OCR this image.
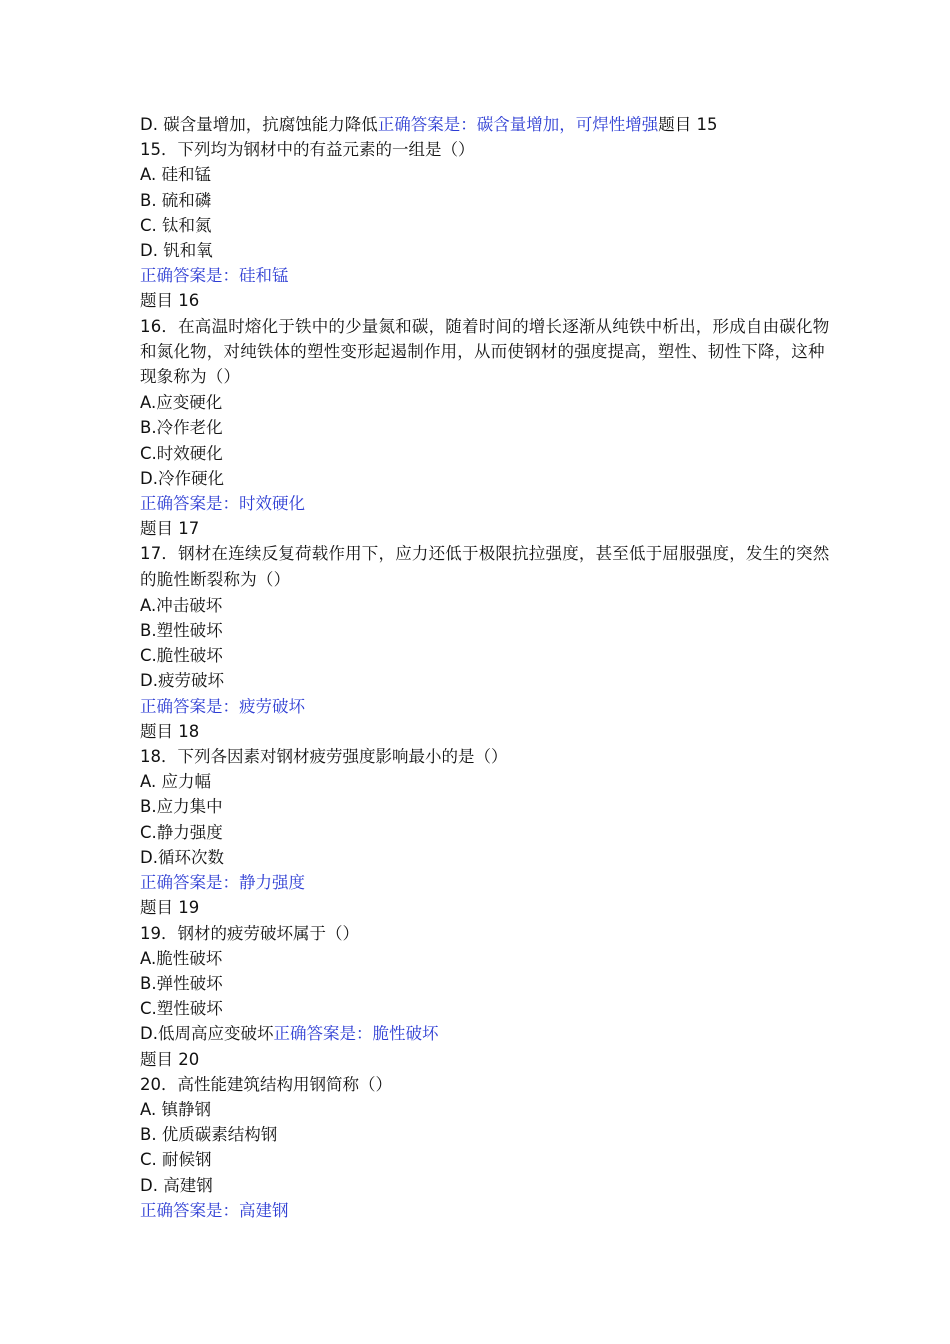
D. 碳含量增加，抗腐蚀能力降低正确答案是：碳含量增加，可焊性增强题目 15
15．下列均为钢材中的有益元素的一组是（）
A. 硅和锰
B. 硫和磷
C. 钛和氮
D. 钒和氧
正确答案是：硅和锰
题目 16
16．在高温时熔化于铁中的少量氮和碳，随着时间的增长逐渐从纯铁中析出，形成自由碳化物和氮化物，对纯铁体的塑性变形起遏制作用，从而使钢材的强度提高，塑性、韧性下降，这种现象称为（）
A.应变硬化
B.冷作老化
C.时效硬化
D.冷作硬化
正确答案是：时效硬化
题目 17
17．钢材在连续反复荷载作用下，应力还低于极限抗拉强度，甚至低于屈服强度，发生的突然的脆性断裂称为（）
A.冲击破坏
B.塑性破坏
C.脆性破坏
D.疲劳破坏
正确答案是：疲劳破坏
题目 18
18．下列各因素对钢材疲劳强度影响最小的是（）
A. 应力幅
B.应力集中
C.静力强度
D.循环次数
正确答案是：静力强度
题目 19
19．钢材的疲劳破坏属于（）
A.脆性破坏
B.弹性破坏
C.塑性破坏
D.低周高应变破坏正确答案是：脆性破坏
题目 20
20．高性能建筑结构用钢简称（）
A. 镇静钢
B. 优质碳素结构钢
C. 耐候钢
D. 高建钢
正确答案是：高建钢
